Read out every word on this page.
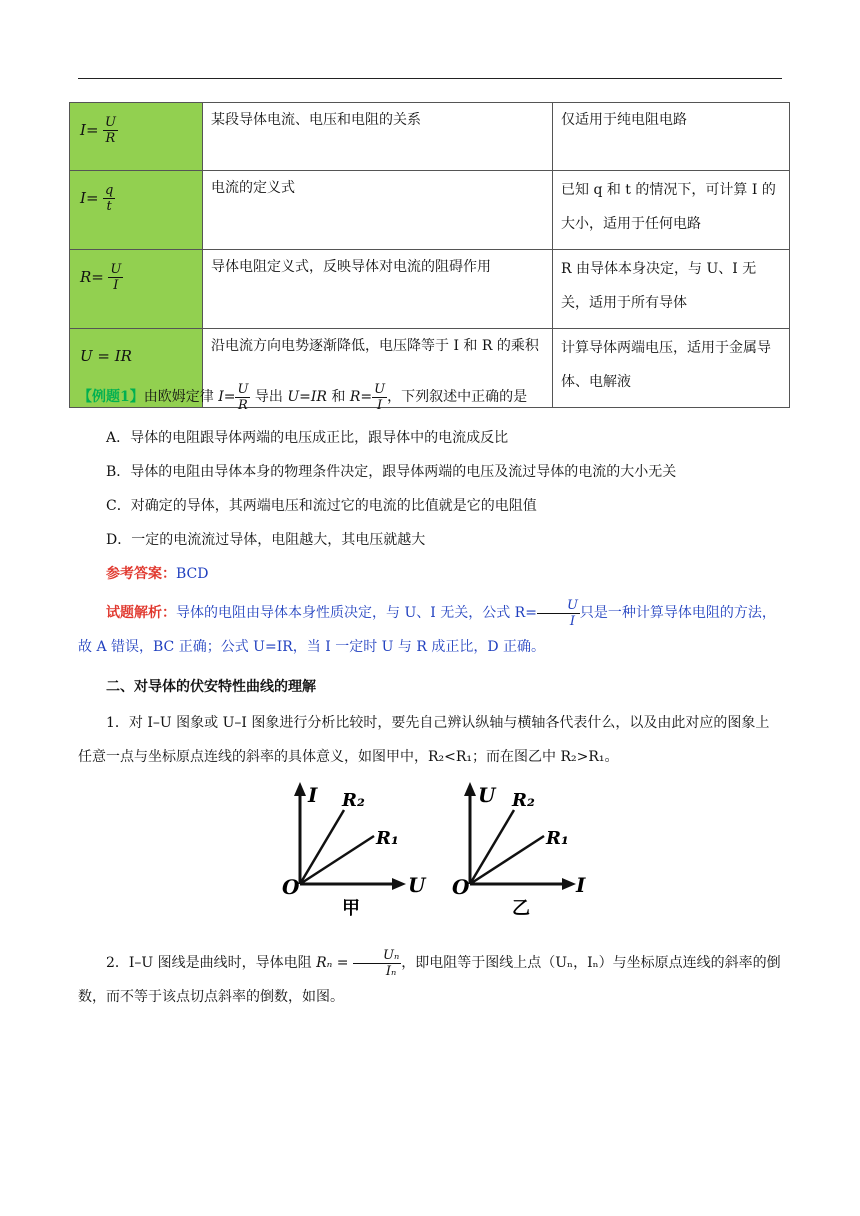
$I= \frac{U}{R}$	某段导体电流、电压和电阻的关系	仅适用于纯电阻电路
$I= \frac{q}{t}$	电流的定义式	已知 q 和 t 的情况下，可计算 I 的大小，适用于任何电路
$R= \frac{U}{I}$	导体电阻定义式，反映导体对电流的阻碍作用	R 由导体本身决定，与 U、I 无关，适用于所有导体
U = IR	沿电流方向电势逐渐降低，电压降等于 I 和 R 的乘积	计算导体两端电压，适用于金属导体、电解液
【例题1】由欧姆定律 $I= \frac{U}{R}$ 导出 U=IR 和 $R= \frac{U}{I}$ ，下列叙述中正确的是
A．导体的电阻跟导体两端的电压成正比，跟导体中的电流成反比
B．导体的电阻由导体本身的物理条件决定，跟导体两端的电压及流过导体的电流的大小无关
C．对确定的导体，其两端电压和流过它的电流的比值就是它的电阻值
D．一定的电流流过导体，电阻越大，其电压就越大
参考答案：BCD
试题解析：导体的电阻由导体本身性质决定，与 U、I 无关，公式 $R= \frac{U}{I}$ 只是一种计算导体电阻的方法， 故 A 错误，BC 正确；公式 U=IR，当 I 一定时 U 与 R 成正比，D 正确。
二、对导体的伏安特性曲线的理解
1．对 I–U 图象或 U–I 图象进行分析比较时，要先自己辨认纵轴与横轴各代表什么，以及由此对应的图象上任意一点与坐标原点连线的斜率的具体意义，如图甲中，R₂<R₁；而在图乙中 R₂>R₁。
I
U
O
R₂
R₁
甲
U
I
O
R₂
R₁
乙
2．I–U 图线是曲线时，导体电阻 $R_n = \frac{\text{Uₙ}}{\text{Iₙ}}$ ，即电阻等于图线上点（Uₙ，Iₙ）与坐标原点连线的斜率的倒数，而不等于该点切点斜率的倒数，如图。
